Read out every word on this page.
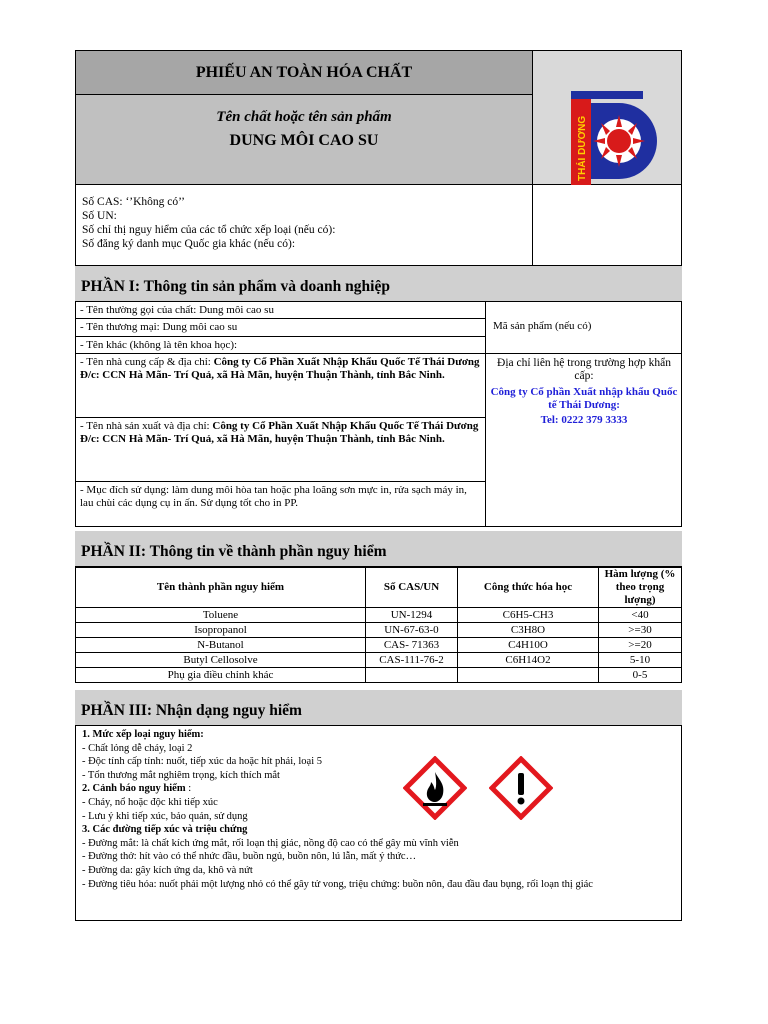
PHIẾU AN TOÀN HÓA CHẤT
Tên chất hoặc tên sản phẩm
DUNG MÔI CAO SU	THÁI DƯƠNG
Số CAS: ‘’Không có’’
Số UN:
Số chỉ thị nguy hiểm của các tổ chức xếp loại (nếu có):
Số đăng ký danh mục Quốc gia khác (nếu có):
PHẦN I: Thông tin sản phẩm và doanh nghiệp
- Tên thường gọi của chất: Dung môi cao su
- Tên thương mại: Dung môi cao su
- Tên khác (không là tên khoa học):
- Tên nhà cung cấp & địa chỉ: Công ty Cổ Phần Xuất Nhập Khẩu Quốc Tế Thái Dương
Đ/c: CCN Hà Mãn- Trí Quả, xã Hà Mãn, huyện Thuận Thành, tỉnh Bắc Ninh.
- Tên nhà sản xuất và địa chỉ: Công ty Cổ Phần Xuất Nhập Khẩu Quốc Tế Thái Dương
Đ/c: CCN Hà Mãn- Trí Quả, xã Hà Mãn, huyện Thuận Thành, tỉnh Bắc Ninh.
- Mục đích sử dụng: làm dung môi hòa tan hoặc pha loãng sơn mực in, rửa sạch máy in, lau chùi các dụng cụ in ấn. Sử dụng tốt cho in PP.
Mã sản phẩm (nếu có)
Địa chỉ liên hệ trong trường hợp khẩn cấp:
Công ty Cổ phần Xuất nhập khẩu Quốc tế Thái Dương:
Tel: 0222 379 3333
PHẦN II: Thông tin về thành phần nguy hiểm
Tên thành phần nguy hiểm	Số CAS/UN	Công thức hóa học	Hàm lượng (% theo trọng lượng)
Toluene	UN-1294	C6H5-CH3	<40
Isopropanol	UN-67-63-0	C3H8O	>=30
N-Butanol	CAS- 71363	C4H10O	>=20
Butyl Cellosolve	CAS-111-76-2	C6H14O2	5-10
Phụ gia điều chỉnh khác			0-5
PHẦN III: Nhận dạng nguy hiểm
1. Mức xếp loại nguy hiểm:
- Chất lỏng dễ cháy, loại 2
- Độc tính cấp tính: nuốt, tiếp xúc da hoặc hít phải, loại 5
- Tổn thương mắt nghiêm trọng, kích thích mắt
2. Cảnh báo nguy hiểm :
- Cháy, nổ hoặc độc khi tiếp xúc
- Lưu ý khi tiếp xúc, bảo quản, sử dụng
3. Các đường tiếp xúc và triệu chứng
- Đường mắt: là chất kích ứng mắt, rối loạn thị giác, nồng độ cao có thể gây mù vĩnh viễn
- Đường thở: hít vào có thể nhức đầu, buồn ngủ, buồn nôn, lú lẫn, mất ý thức…
- Đường da: gây kích ứng da, khô và nứt
- Đường tiêu hóa: nuốt phải một lượng nhỏ có thể gây tử vong, triệu chứng: buồn nôn, đau đầu đau bụng, rối loạn thị giác
